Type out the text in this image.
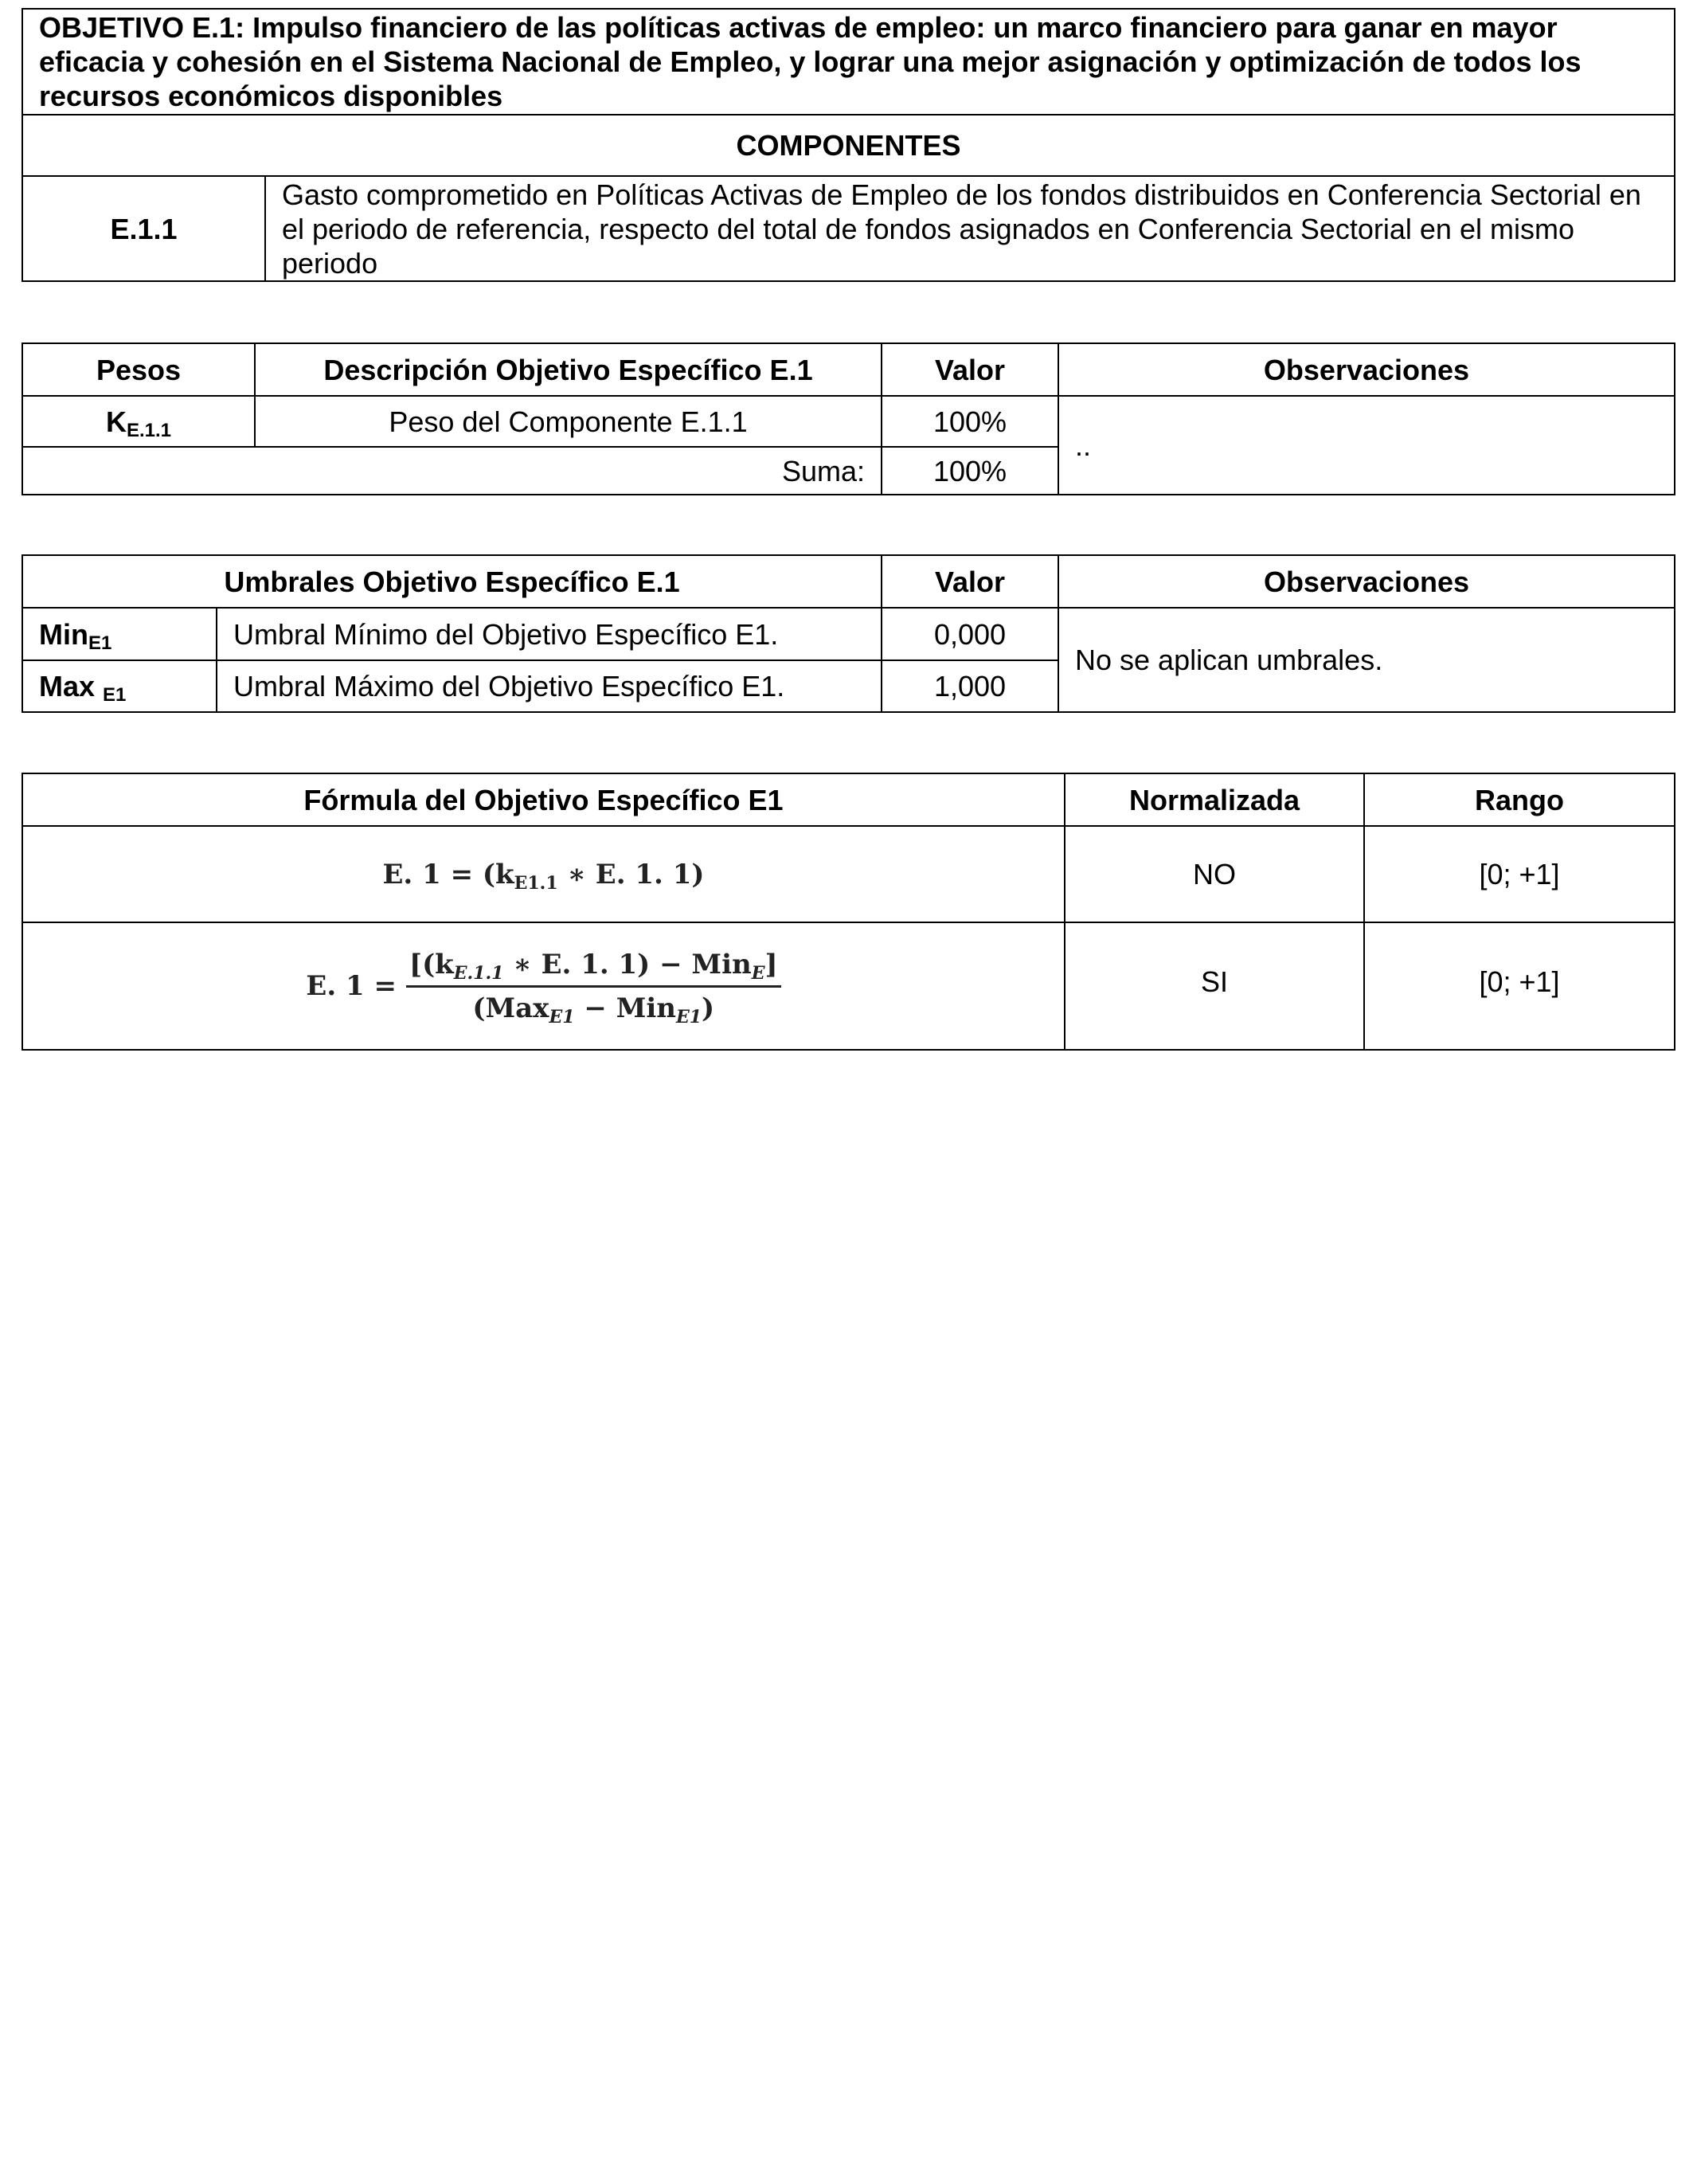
OBJETIVO E.1: Impulso financiero de las políticas activas de empleo: un marco financiero para ganar en mayor eficacia y cohesión en el Sistema Nacional de Empleo, y lograr una mejor asignación y optimización de todos los recursos económicos disponibles
COMPONENTES
E.1.1	Gasto comprometido en Políticas Activas de Empleo de los fondos distribuidos en Conferencia Sectorial en el periodo de referencia, respecto del total de fondos asignados en Conferencia Sectorial en el mismo periodo
Pesos	Descripción Objetivo Específico E.1	Valor	Observaciones
$K_{E.1.1}$	Peso del Componente E.1.1	100%	..
Suma:		100%	
Umbrales Objetivo Específico E.1		Valor	Observaciones
Min$_{E1}$	Umbral Mínimo del Objetivo Específico E1.	0,000	No se aplican umbrales.
Max $_{E1}$	Umbral Máximo del Objetivo Específico E1.	1,000	
Fórmula del Objetivo Específico E1	Normalizada	Rango
E. $1 = (k_{E1.1}$ ∗ E. 1. 1)	NO	[0; +1]

E. $1 = \frac{[(k_{E.1.1} ∗ E. 1. 1) - Min_E]}{(Max_{E1} - Min_{E1})}$	SI	[0; +1]
